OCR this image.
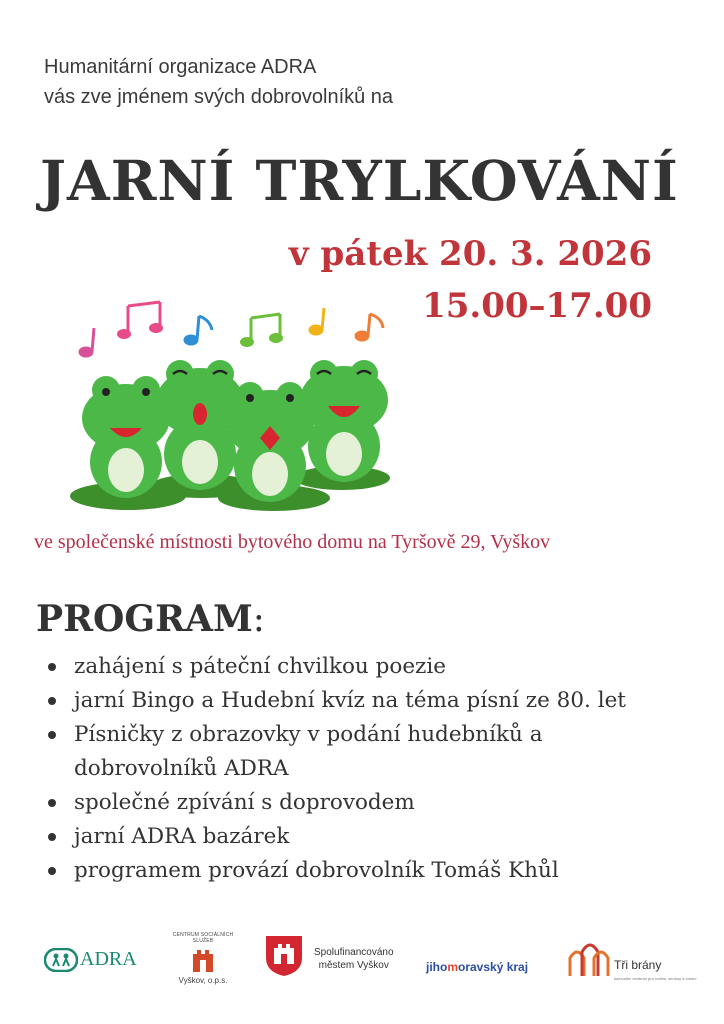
Humanitární organizace ADRA
vás zve jménem svých dobrovolníků na
JARNÍ TRYLKOVÁNÍ
v pátek 20. 3. 2026
15.00–17.00
ve společenské místnosti bytového domu na Tyršově 29, Vyškov
PROGRAM:
zahájení s páteční chvilkou poezie
jarní Bingo a Hudební kvíz na téma písní ze 80. let
Písničky z obrazovky v podání hudebníků a dobrovolníků ADRA
společné zpívání s doprovodem
jarní ADRA bazárek
programem provází dobrovolník Tomáš Khůl
ADRA
CENTRUM SOCIÁLNÍCH SLUŽEB
Vyškov, o.p.s.
Spolufinancováno
městem Vyškov	jihomoravský kraj	Tři brány
komunitní centrum pro rodinu, seniory a zdraví
